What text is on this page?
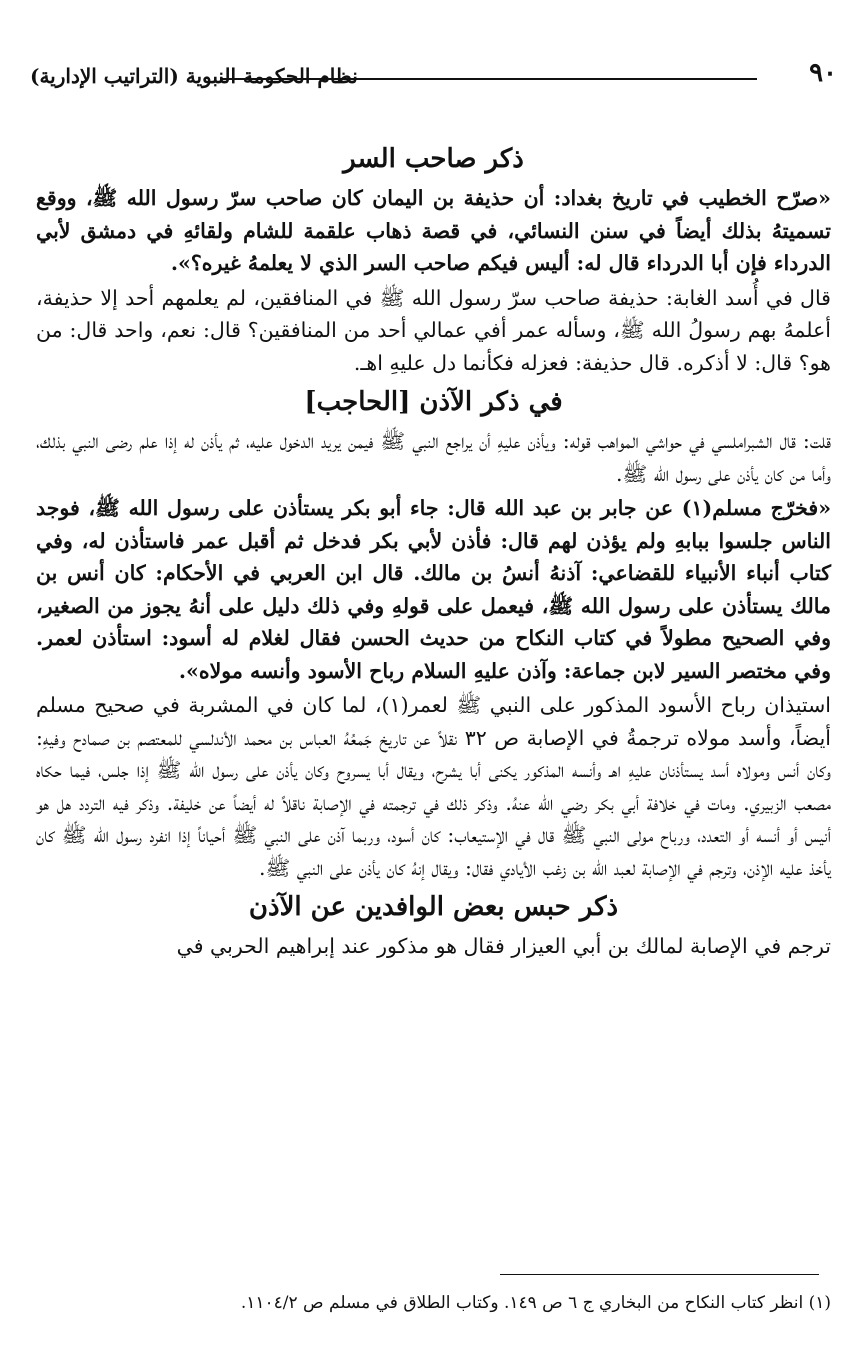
٩٠
نظام الحكومة النبوية (التراتيب الإدارية)
ذكر صاحب السر

«صرّح الخطيب في تاريخ بغداد: أن حذيفة بن اليمان كان صاحب سرّ رسول الله ﷺ، ووقع تسميتهُ بذلك أيضاً في سنن النسائي، في قصة ذهاب علقمة للشام ولقائهِ في دمشق لأبي الدرداء فإن أبا الدرداء قال له: أليس فيكم صاحب السر الذي لا يعلمهُ غيره؟».

قال في أُسد الغابة: حذيفة صاحب سرّ رسول الله ﷺ في المنافقين، لم يعلمهم أحد إلا حذيفة، أعلمهُ بهم رسولُ الله ﷺ، وسأله عمر أفي عمالي أحد من المنافقين؟ قال: نعم، واحد قال: من هو؟ قال: لا أذكره. قال حذيفة: فعزله فكأنما دل عليهِ اهـ.

في ذكر الآذن [الحاجب]

قلت: قال الشبراملسي في حواشي المواهب قوله: ويأذن عليهِ أن يراجع النبي ﷺ فيمن يريد الدخول عليه، ثم يأذن له إذا علم رضى النبي بذلك، وأما من كان يأذن على رسول الله ﷺ.

«فخرّج مسلم(١) عن جابر بن عبد الله قال: جاء أبو بكر يستأذن على رسول الله ﷺ، فوجد الناس جلسوا ببابهِ ولم يؤذن لهم قال: فأذن لأبي بكر فدخل ثم أقبل عمر فاستأذن له، وفي كتاب أنباء الأنبياء للقضاعي: آذنهُ أنسُ بن مالك. قال ابن العربي في الأحكام: كان أنس بن مالك يستأذن على رسول الله ﷺ، فيعمل على قولهِ وفي ذلك دليل على أنهُ يجوز من الصغير، وفي الصحيح مطولاً في كتاب النكاح من حديث الحسن فقال لغلام له أسود: استأذن لعمر. وفي مختصر السير لابن جماعة: وآذن عليهِ السلام رباح الأسود وأنسه مولاه».

استيذان رباح الأسود المذكور على النبي ﷺ لعمر(١)، لما كان في المشربة في صحيح مسلم أيضاً، وأسد مولاه ترجمةُ في الإصابة ص ٣٢ نقلاً عن تاريخ جَمعُهُ العباس بن محمد الأندلسي للمعتصم بن صمادح وفيهِ: وكان أنس ومولاه أسد يستأذنان عليهِ اهـ وأنسه المذكور يكنى أبا يشرح، ويقال أبا يسروح وكان يأذن على رسول الله ﷺ إذا جلس، فيما حكاه مصعب الزبيري. ومات في خلافة أبي بكر رضي الله عنهُ. وذكر ذلك في ترجمته في الإصابة ناقلاً له أيضاً عن خليفة. وذكر فيه التردد هل هو أنيس أو أنسه أو التعدد، ورباح مولى النبي ﷺ قال في الإستيعاب: كان أسود، وربما آذن على النبي ﷺ أحياناً إذا انفرد رسول الله ﷺ كان يأخذ عليه الإذن، وترجم في الإصابة لعبد الله بن زغب الأيادي فقال: ويقال إنهُ كان يأذن على النبي ﷺ.

ذكر حبس بعض الوافدين عن الآذن

ترجم في الإصابة لمالك بن أبي العيزار فقال هو مذكور عند إبراهيم الحربي في

(١) انظر كتاب النكاح من البخاري ج ٦ ص ١٤٩. وكتاب الطلاق في مسلم ص ١١٠٤/٢.
